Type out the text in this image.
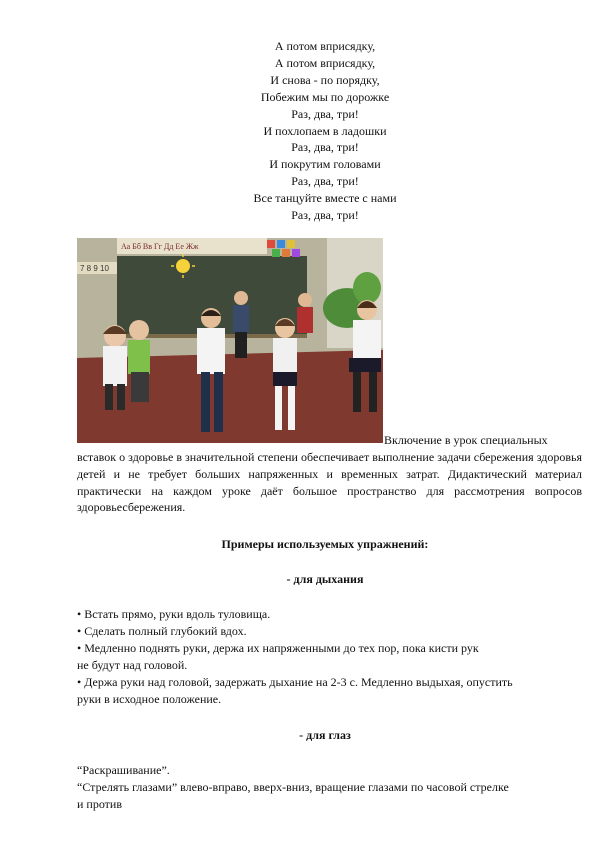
А потом вприсядку,
А потом вприсядку,
И снова - по порядку,
Побежим мы по дорожке
Раз, два, три!
И похлопаем в ладошки
Раз, два, три!
И покрутим головами
Раз, два, три!
Все танцуйте вместе с нами
Раз, два, три!
Аа Бб Вв Гг Дд Ее Жж
7 8 9 10
Включение в урок специальных
вставок о здоровье в значительной степени обеспечивает выполнение задачи сбережения здоровья детей и не требует больших напряженных и временных затрат. Дидактический материал практически на каждом уроке даёт большое пространство для рассмотрения вопросов здоровьесбережения.
Примеры используемых упражнений:
- для дыхания
• Встать прямо, руки вдоль туловища.
• Сделать полный глубокий вдох.
• Медленно поднять руки, держа их напряженными до тех пор, пока кисти рук
не будут над головой.
• Держа руки над головой, задержать дыхание на 2-3 с. Медленно выдыхая, опустить
руки в исходное положение.
- для глаз
“Раскрашивание”.
“Стрелять глазами” влево-вправо, вверх-вниз, вращение глазами по часовой стрелке
и против
